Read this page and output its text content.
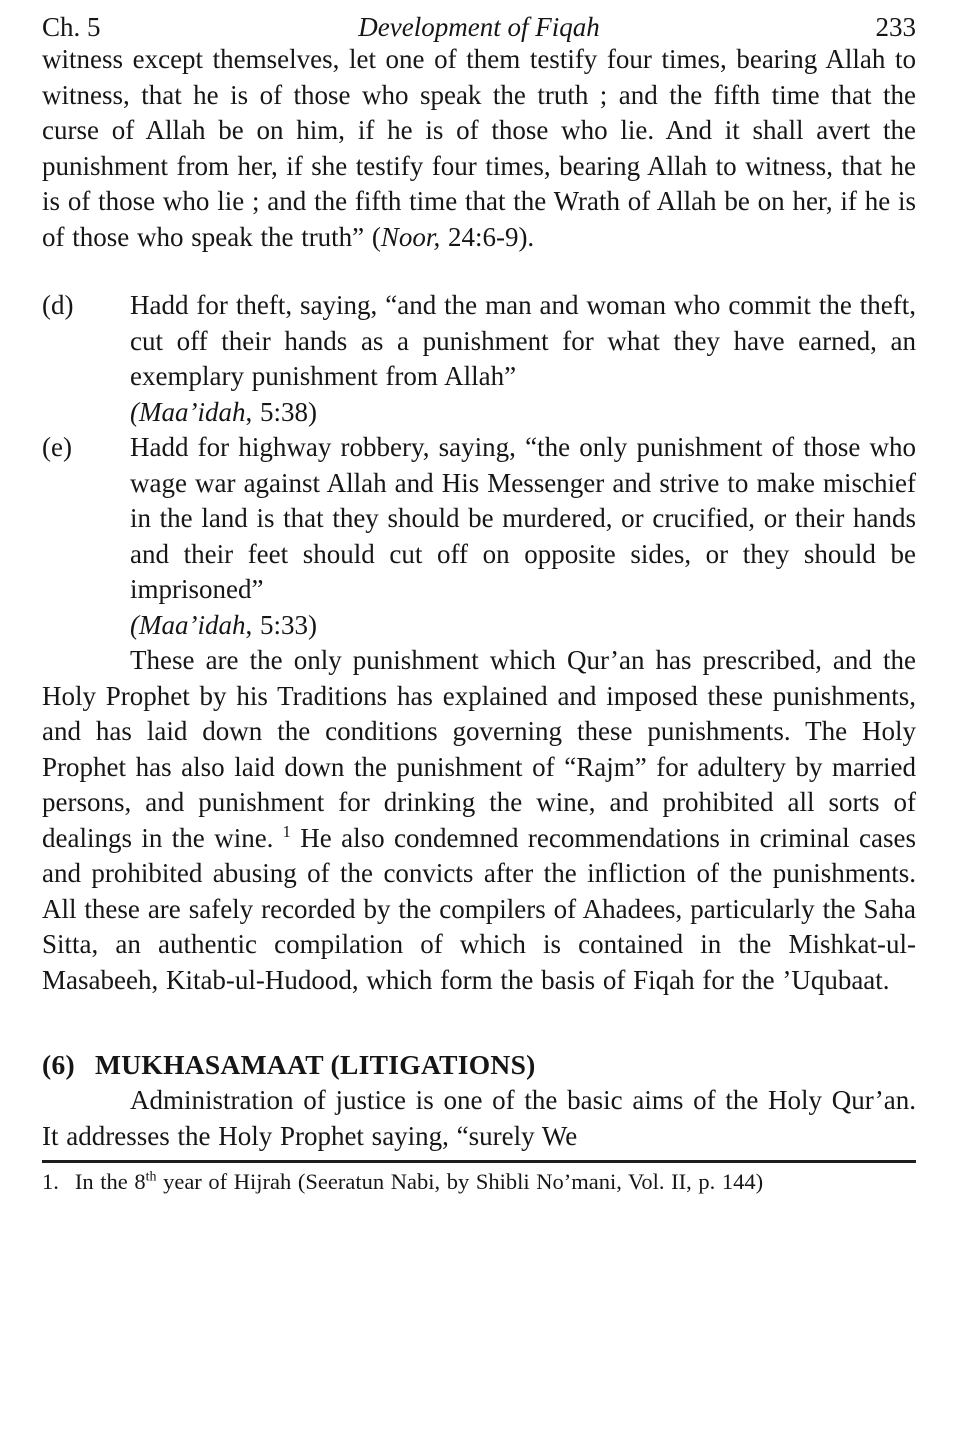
Ch. 5	Development of Fiqah	233

witness except themselves, let one of them testify four times, bearing Allah to witness, that he is of those who speak the truth ; and the fifth time that the curse of Allah be on him, if he is of those who lie. And it shall avert the punishment from her, if she testify four times, bearing Allah to witness, that he is of those who lie ; and the fifth time that the Wrath of Allah be on her, if he is of those who speak the truth” (Noor, 24:6-9).

(d)	Hadd for theft, saying, “and the man and woman who commit the theft, cut off their hands as a punishment for what they have earned, an exemplary punishment from Allah”
(Maa’idah, 5:38)
(e)	Hadd for highway robbery, saying, “the only punishment of those who wage war against Allah and His Messenger and strive to make mischief in the land is that they should be murdered, or crucified, or their hands and their feet should cut off on opposite sides, or they should be imprisoned”
(Maa’idah, 5:33)

These are the only punishment which Qur’an has prescribed, and the Holy Prophet by his Traditions has explained and imposed these punishments, and has laid down the conditions governing these punishments. The Holy Prophet has also laid down the punishment of “Rajm” for adultery by married persons, and punishment for drinking the wine, and prohibited all sorts of dealings in the wine. $^1$ He also condemned recommendations in criminal cases and prohibited abusing of the convicts after the infliction of the punishments. All these are safely recorded by the compilers of Ahadees, particularly the Saha Sitta, an authentic compilation of which is contained in the Mishkat-ul-Masabeeh, Kitab-ul-Hudood, which form the basis of Fiqah for the ’Uqubaat.

(6) MUKHASAMAAT (LITIGATIONS)

Administration of justice is one of the basic aims of the Holy Qur’an. It addresses the Holy Prophet saying, “surely We

1. In the 8th year of Hijrah (Seeratun Nabi, by Shibli No’mani, Vol. II, p. 144)
